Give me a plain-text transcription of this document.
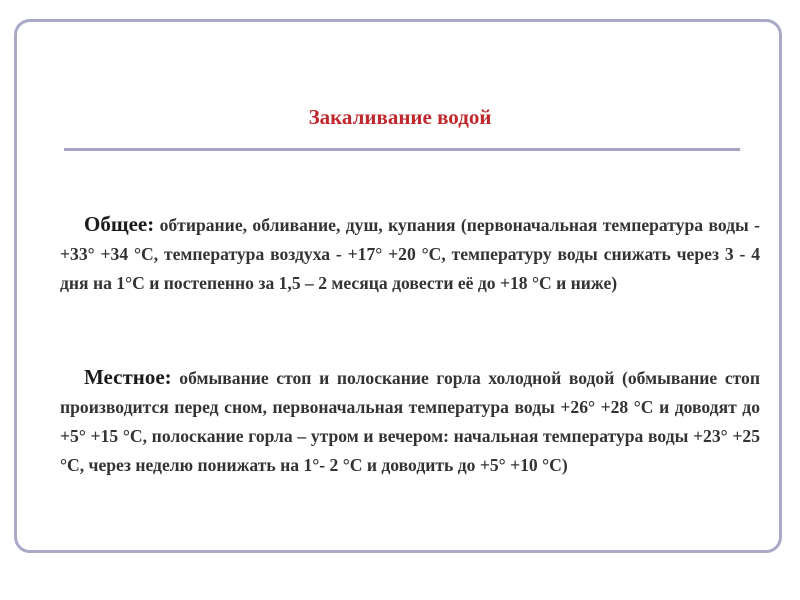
Закаливание водой

Общее: обтирание, обливание, душ, купания (первоначальная температура воды - +33° +34 °С, температура воздуха - +17° +20 °С, температуру воды снижать через 3 - 4 дня на 1°С и постепенно за 1,5 – 2 месяца довести её до +18 °С и ниже)

Местное: обмывание стоп и полоскание горла холодной водой (обмывание стоп производится перед сном, первоначальная температура воды +26° +28 °С и доводят до +5° +15 °С, полоскание горла – утром и вечером: начальная температура воды +23° +25 °С, через неделю понижать на 1°- 2 °С и доводить до +5° +10 °С)
